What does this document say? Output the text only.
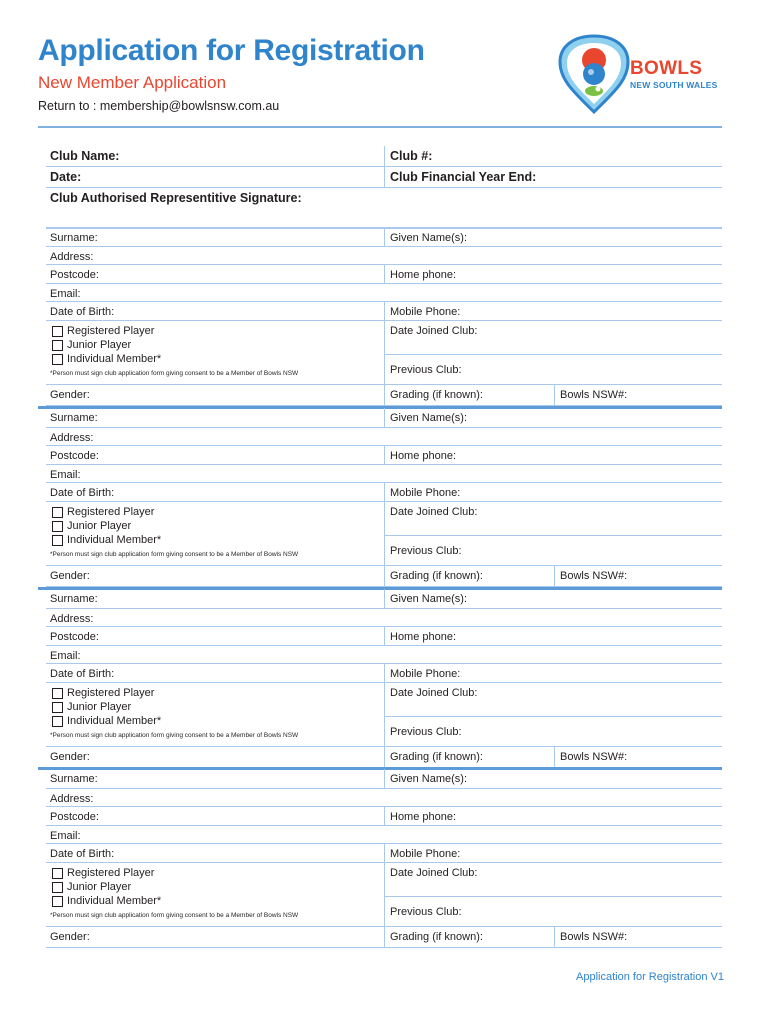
Application for Registration
New Member Application
Return to : membership@bowlsnsw.com.au
BOWLS
NEW SOUTH WALES
Club Name:	Club #:
Date:	Club Financial Year End:
Club Authorised Representitive Signature:
Surname:	Given Name(s):
Address:
Postcode:	Home phone:
Email:
Date of Birth:	Mobile Phone:
Registered Player
Junior Player
Individual Member*
*Person must sign club application form giving consent to be a Member of Bowls NSW
Date Joined Club:
Previous Club:
Gender:	Grading (if known):	Bowls NSW#:
Surname:	Given Name(s):
Address:
Postcode:	Home phone:
Email:
Date of Birth:	Mobile Phone:
Registered Player
Junior Player
Individual Member*
*Person must sign club application form giving consent to be a Member of Bowls NSW
Date Joined Club:
Previous Club:
Gender:	Grading (if known):	Bowls NSW#:
Surname:	Given Name(s):
Address:
Postcode:	Home phone:
Email:
Date of Birth:	Mobile Phone:
Registered Player
Junior Player
Individual Member*
*Person must sign club application form giving consent to be a Member of Bowls NSW
Date Joined Club:
Previous Club:
Gender:	Grading (if known):	Bowls NSW#:
Surname:	Given Name(s):
Address:
Postcode:	Home phone:
Email:
Date of Birth:	Mobile Phone:
Registered Player
Junior Player
Individual Member*
*Person must sign club application form giving consent to be a Member of Bowls NSW
Date Joined Club:
Previous Club:
Gender:	Grading (if known):	Bowls NSW#:
Application for Registration V1
